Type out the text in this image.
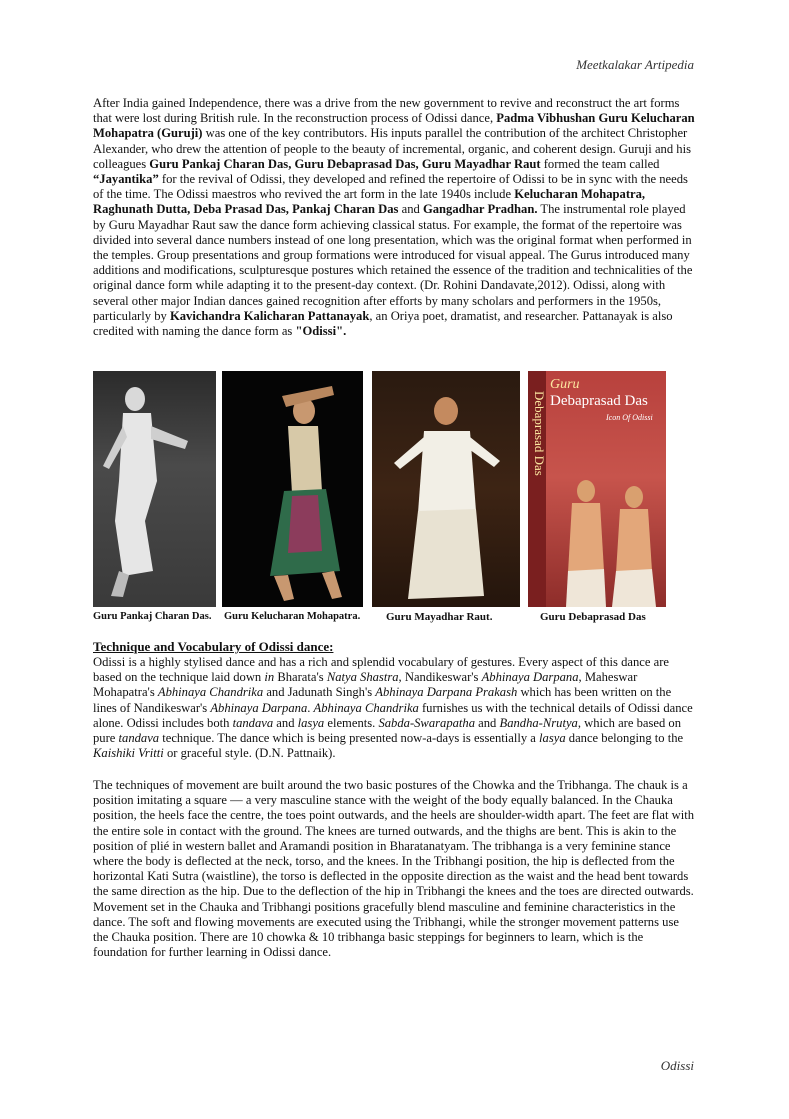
Meetkalakar Artipedia
After India gained Independence, there was a drive from the new government to revive and reconstruct the art forms that were lost during British rule. In the reconstruction process of Odissi dance, Padma Vibhushan Guru Kelucharan Mohapatra (Guruji) was one of the key contributors. His inputs parallel the contribution of the architect Christopher Alexander, who drew the attention of people to the beauty of incremental, organic, and coherent design. Guruji and his colleagues Guru Pankaj Charan Das, Guru Debaprasad Das, Guru Mayadhar Raut formed the team called “Jayantika” for the revival of Odissi, they developed and refined the repertoire of Odissi to be in sync with the needs of the time. The Odissi maestros who revived the art form in the late 1940s include Kelucharan Mohapatra, Raghunath Dutta, Deba Prasad Das, Pankaj Charan Das and Gangadhar Pradhan. The instrumental role played by Guru Mayadhar Raut saw the dance form achieving classical status. For example, the format of the repertoire was divided into several dance numbers instead of one long presentation, which was the original format when performed in the temples. Group presentations and group formations were introduced for visual appeal. The Gurus introduced many additions and modifications, sculpturesque postures which retained the essence of the tradition and technicalities of the original dance form while adapting it to the present-day context. (Dr. Rohini Dandavate,2012). Odissi, along with several other major Indian dances gained recognition after efforts by many scholars and performers in the 1950s, particularly by Kavichandra Kalicharan Pattanayak, an Oriya poet, dramatist, and researcher. Pattanayak is also credited with naming the dance form as "Odissi".
Debaprasad Das
Guru
Debaprasad Das
Icon Of Odissi
Guru Pankaj Charan Das. Guru Kelucharan Mohapatra. Guru Mayadhar Raut.	Guru Debaprasad Das
Technique and Vocabulary of Odissi dance:
Odissi is a highly stylised dance and has a rich and splendid vocabulary of gestures. Every aspect of this dance are based on the technique laid down in Bharata's Natya Shastra, Nandikeswar's Abhinaya Darpana, Maheswar Mohapatra's Abhinaya Chandrika and Jadunath Singh's Abhinaya Darpana Prakash which has been written on the lines of Nandikeswar's Abhinaya Darpana. Abhinaya Chandrika furnishes us with the technical details of Odissi dance alone. Odissi includes both tandava and lasya elements. Sabda-Swarapatha and Bandha-Nrutya, which are based on pure tandava technique. The dance which is being presented now-a-days is essentially a lasya dance belonging to the Kaishiki Vritti or graceful style. (D.N. Pattnaik).
The techniques of movement are built around the two basic postures of the Chowka and the Tribhanga. The chauk is a position imitating a square — a very masculine stance with the weight of the body equally balanced. In the Chauka position, the heels face the centre, the toes point outwards, and the heels are shoulder-width apart. The feet are flat with the entire sole in contact with the ground. The knees are turned outwards, and the thighs are bent. This is akin to the position of plié in western ballet and Aramandi position in Bharatanatyam. The tribhanga is a very feminine stance where the body is deflected at the neck, torso, and the knees. In the Tribhangi position, the hip is deflected from the horizontal Kati Sutra (waistline), the torso is deflected in the opposite direction as the waist and the head bent towards the same direction as the hip. Due to the deflection of the hip in Tribhangi the knees and the toes are directed outwards. Movement set in the Chauka and Tribhangi positions gracefully blend masculine and feminine characteristics in the dance. The soft and flowing movements are executed using the Tribhangi, while the stronger movement patterns use the Chauka position. There are 10 chowka & 10 tribhanga basic steppings for beginners to learn, which is the foundation for further learning in Odissi dance.
Odissi
